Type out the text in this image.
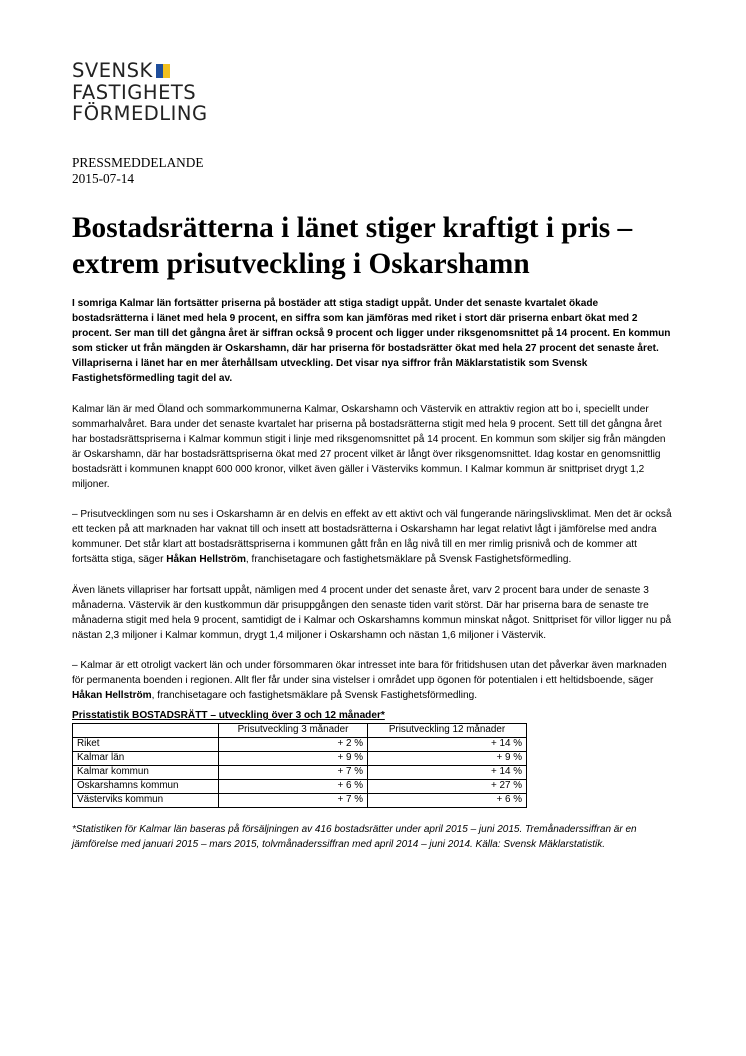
SVENSK
FASTIGHETS
FÖRMEDLING
PRESSMEDDELANDE
2015-07-14
Bostadsrätterna i länet stiger kraftigt i pris – extrem prisutveckling i Oskarshamn

I somriga Kalmar län fortsätter priserna på bostäder att stiga stadigt uppåt. Under det senaste kvartalet ökade bostadsrätterna i länet med hela 9 procent, en siffra som kan jämföras med riket i stort där priserna enbart ökat med 2 procent. Ser man till det gångna året är siffran också 9 procent och ligger under riksgenomsnittet på 14 procent. En kommun som sticker ut från mängden är Oskarshamn, där har priserna för bostadsrätter ökat med hela 27 procent det senaste året. Villapriserna i länet har en mer återhållsam utveckling. Det visar nya siffror från Mäklarstatistik som Svensk Fastighetsförmedling tagit del av.

Kalmar län är med Öland och sommarkommunerna Kalmar, Oskarshamn och Västervik en attraktiv region att bo i, speciellt under sommarhalvåret. Bara under det senaste kvartalet har priserna på bostadsrätterna stigit med hela 9 procent. Sett till det gångna året har bostadsrättspriserna i Kalmar kommun stigit i linje med riksgenomsnittet på 14 procent. En kommun som skiljer sig från mängden är Oskarshamn, där har bostadsrättspriserna ökat med 27 procent vilket är långt över riksgenomsnittet. Idag kostar en genomsnittlig bostadsrätt i kommunen knappt 600 000 kronor, vilket även gäller i Västerviks kommun. I Kalmar kommun är snittpriset drygt 1,2 miljoner.

– Prisutvecklingen som nu ses i Oskarshamn är en delvis en effekt av ett aktivt och väl fungerande näringslivsklimat. Men det är också ett tecken på att marknaden har vaknat till och insett att bostadsrätterna i Oskarshamn har legat relativt lågt i jämförelse med andra kommuner. Det står klart att bostadsrättspriserna i kommunen gått från en låg nivå till en mer rimlig prisnivå och de kommer att fortsätta stiga, säger Håkan Hellström, franchisetagare och fastighetsmäklare på Svensk Fastighetsförmedling.

Även länets villapriser har fortsatt uppåt, nämligen med 4 procent under det senaste året, varv 2 procent bara under de senaste 3 månaderna. Västervik är den kustkommun där prisuppgången den senaste tiden varit störst. Där har priserna bara de senaste tre månaderna stigit med hela 9 procent, samtidigt de i Kalmar och Oskarshamns kommun minskat något. Snittpriset för villor ligger nu på nästan 2,3 miljoner i Kalmar kommun, drygt 1,4 miljoner i Oskarshamn och nästan 1,6 miljoner i Västervik.

– Kalmar är ett otroligt vackert län och under försommaren ökar intresset inte bara för fritidshusen utan det påverkar även marknaden för permanenta boenden i regionen. Allt fler får under sina vistelser i området upp ögonen för potentialen i ett heltidsboende, säger Håkan Hellström, franchisetagare och fastighetsmäklare på Svensk Fastighetsförmedling.

Prisstatistik BOSTADSRÄTT – utveckling över 3 och 12 månader*
	Prisutveckling 3 månader	Prisutveckling 12 månader
Riket	+ 2 %	+ 14 %
Kalmar län	+ 9 %	+ 9 %
Kalmar kommun	+ 7 %	+ 14 %
Oskarshamns kommun	+ 6 %	+ 27 %
Västerviks kommun	+ 7 %	+ 6 %
*Statistiken för Kalmar län baseras på försäljningen av 416 bostadsrätter under april 2015 – juni 2015. Tremånaderssiffran är en jämförelse med januari 2015 – mars 2015, tolvmånaderssiffran med april 2014 – juni 2014. Källa: Svensk Mäklarstatistik.
